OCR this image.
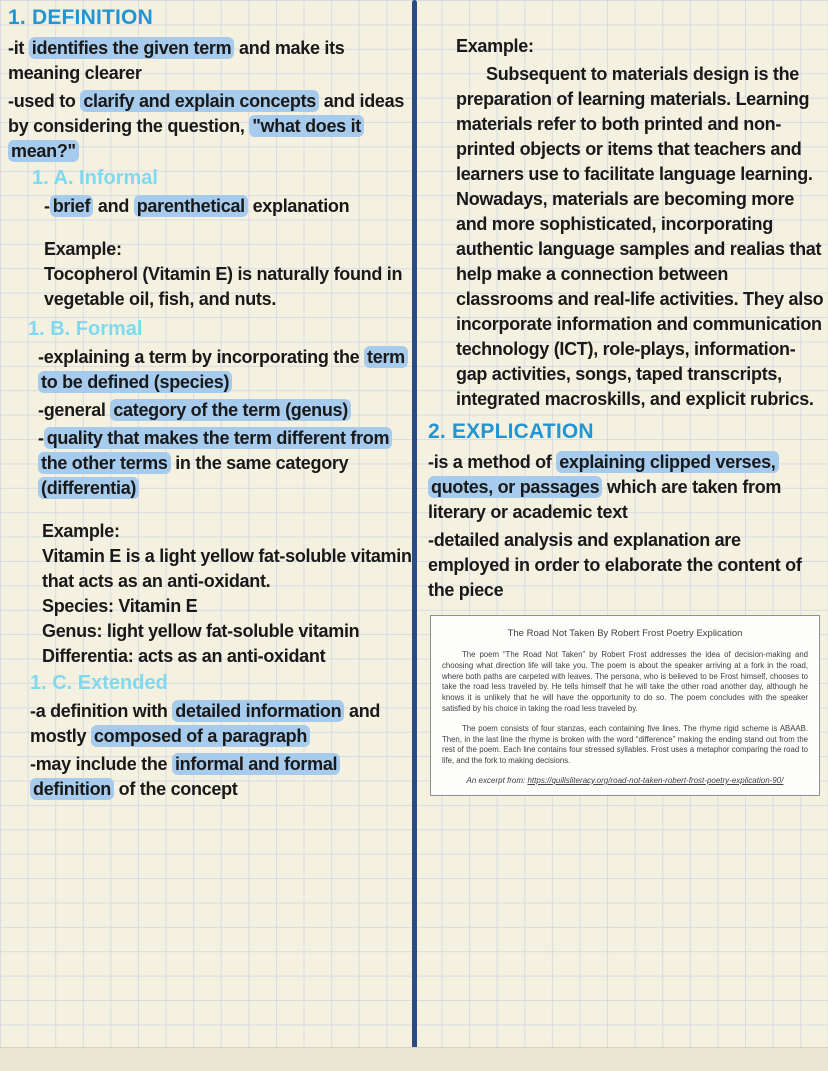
1. DEFINITION
-it identifies the given term and make its meaning clearer
-used to clarify and explain concepts and ideas by considering the question, "what does it mean?"
1. A. Informal
- brief and parenthetical explanation
Example:
Tocopherol (Vitamin E) is naturally found in vegetable oil, fish, and nuts.
1. B. Formal
-explaining a term by incorporating the term to be defined (species)
-general category of the term (genus)
- quality that makes the term different from the other terms in the same category (differentia)
Example:
Vitamin E is a light yellow fat-soluble vitamin that acts as an anti-oxidant.
Species: Vitamin E
Genus: light yellow fat-soluble vitamin
Differentia: acts as an anti-oxidant
1. C. Extended
-a definition with detailed information and mostly composed of a paragraph
-may include the informal and formal definition of the concept
Example:
Subsequent to materials design is the preparation of learning materials. Learning materials refer to both printed and non-printed objects or items that teachers and learners use to facilitate language learning. Nowadays, materials are becoming more and more sophisticated, incorporating authentic language samples and realias that help make a connection between classrooms and real-life activities. They also incorporate information and communication technology (ICT), role-plays, information-gap activities, songs, taped transcripts, integrated macroskills, and explicit rubrics.
2. EXPLICATION
-is a method of explaining clipped verses, quotes, or passages which are taken from literary or academic text
-detailed analysis and explanation are employed in order to elaborate the content of the piece
The Road Not Taken By Robert Frost Poetry Explication
The poem “The Road Not Taken” by Robert Frost addresses the idea of decision-making and choosing what direction life will take you. The poem is about the speaker arriving at a fork in the road, where both paths are carpeted with leaves. The persona, who is believed to be Frost himself, chooses to take the road less traveled by. He tells himself that he will take the other road another day, although he knows it is unlikely that he will have the opportunity to do so. The poem concludes with the speaker satisfied by his choice in taking the road less traveled by.
The poem consists of four stanzas, each containing five lines. The rhyme rigid scheme is ABAAB. Then, in the last line the rhyme is broken with the word “difference” making the ending stand out from the rest of the poem. Each line contains four stressed syllables. Frost uses a metaphor comparing the road to life, and the fork to making decisions.
An excerpt from: https://quillsliteracy.org/road-not-taken-robert-frost-poetry-explication-90/
